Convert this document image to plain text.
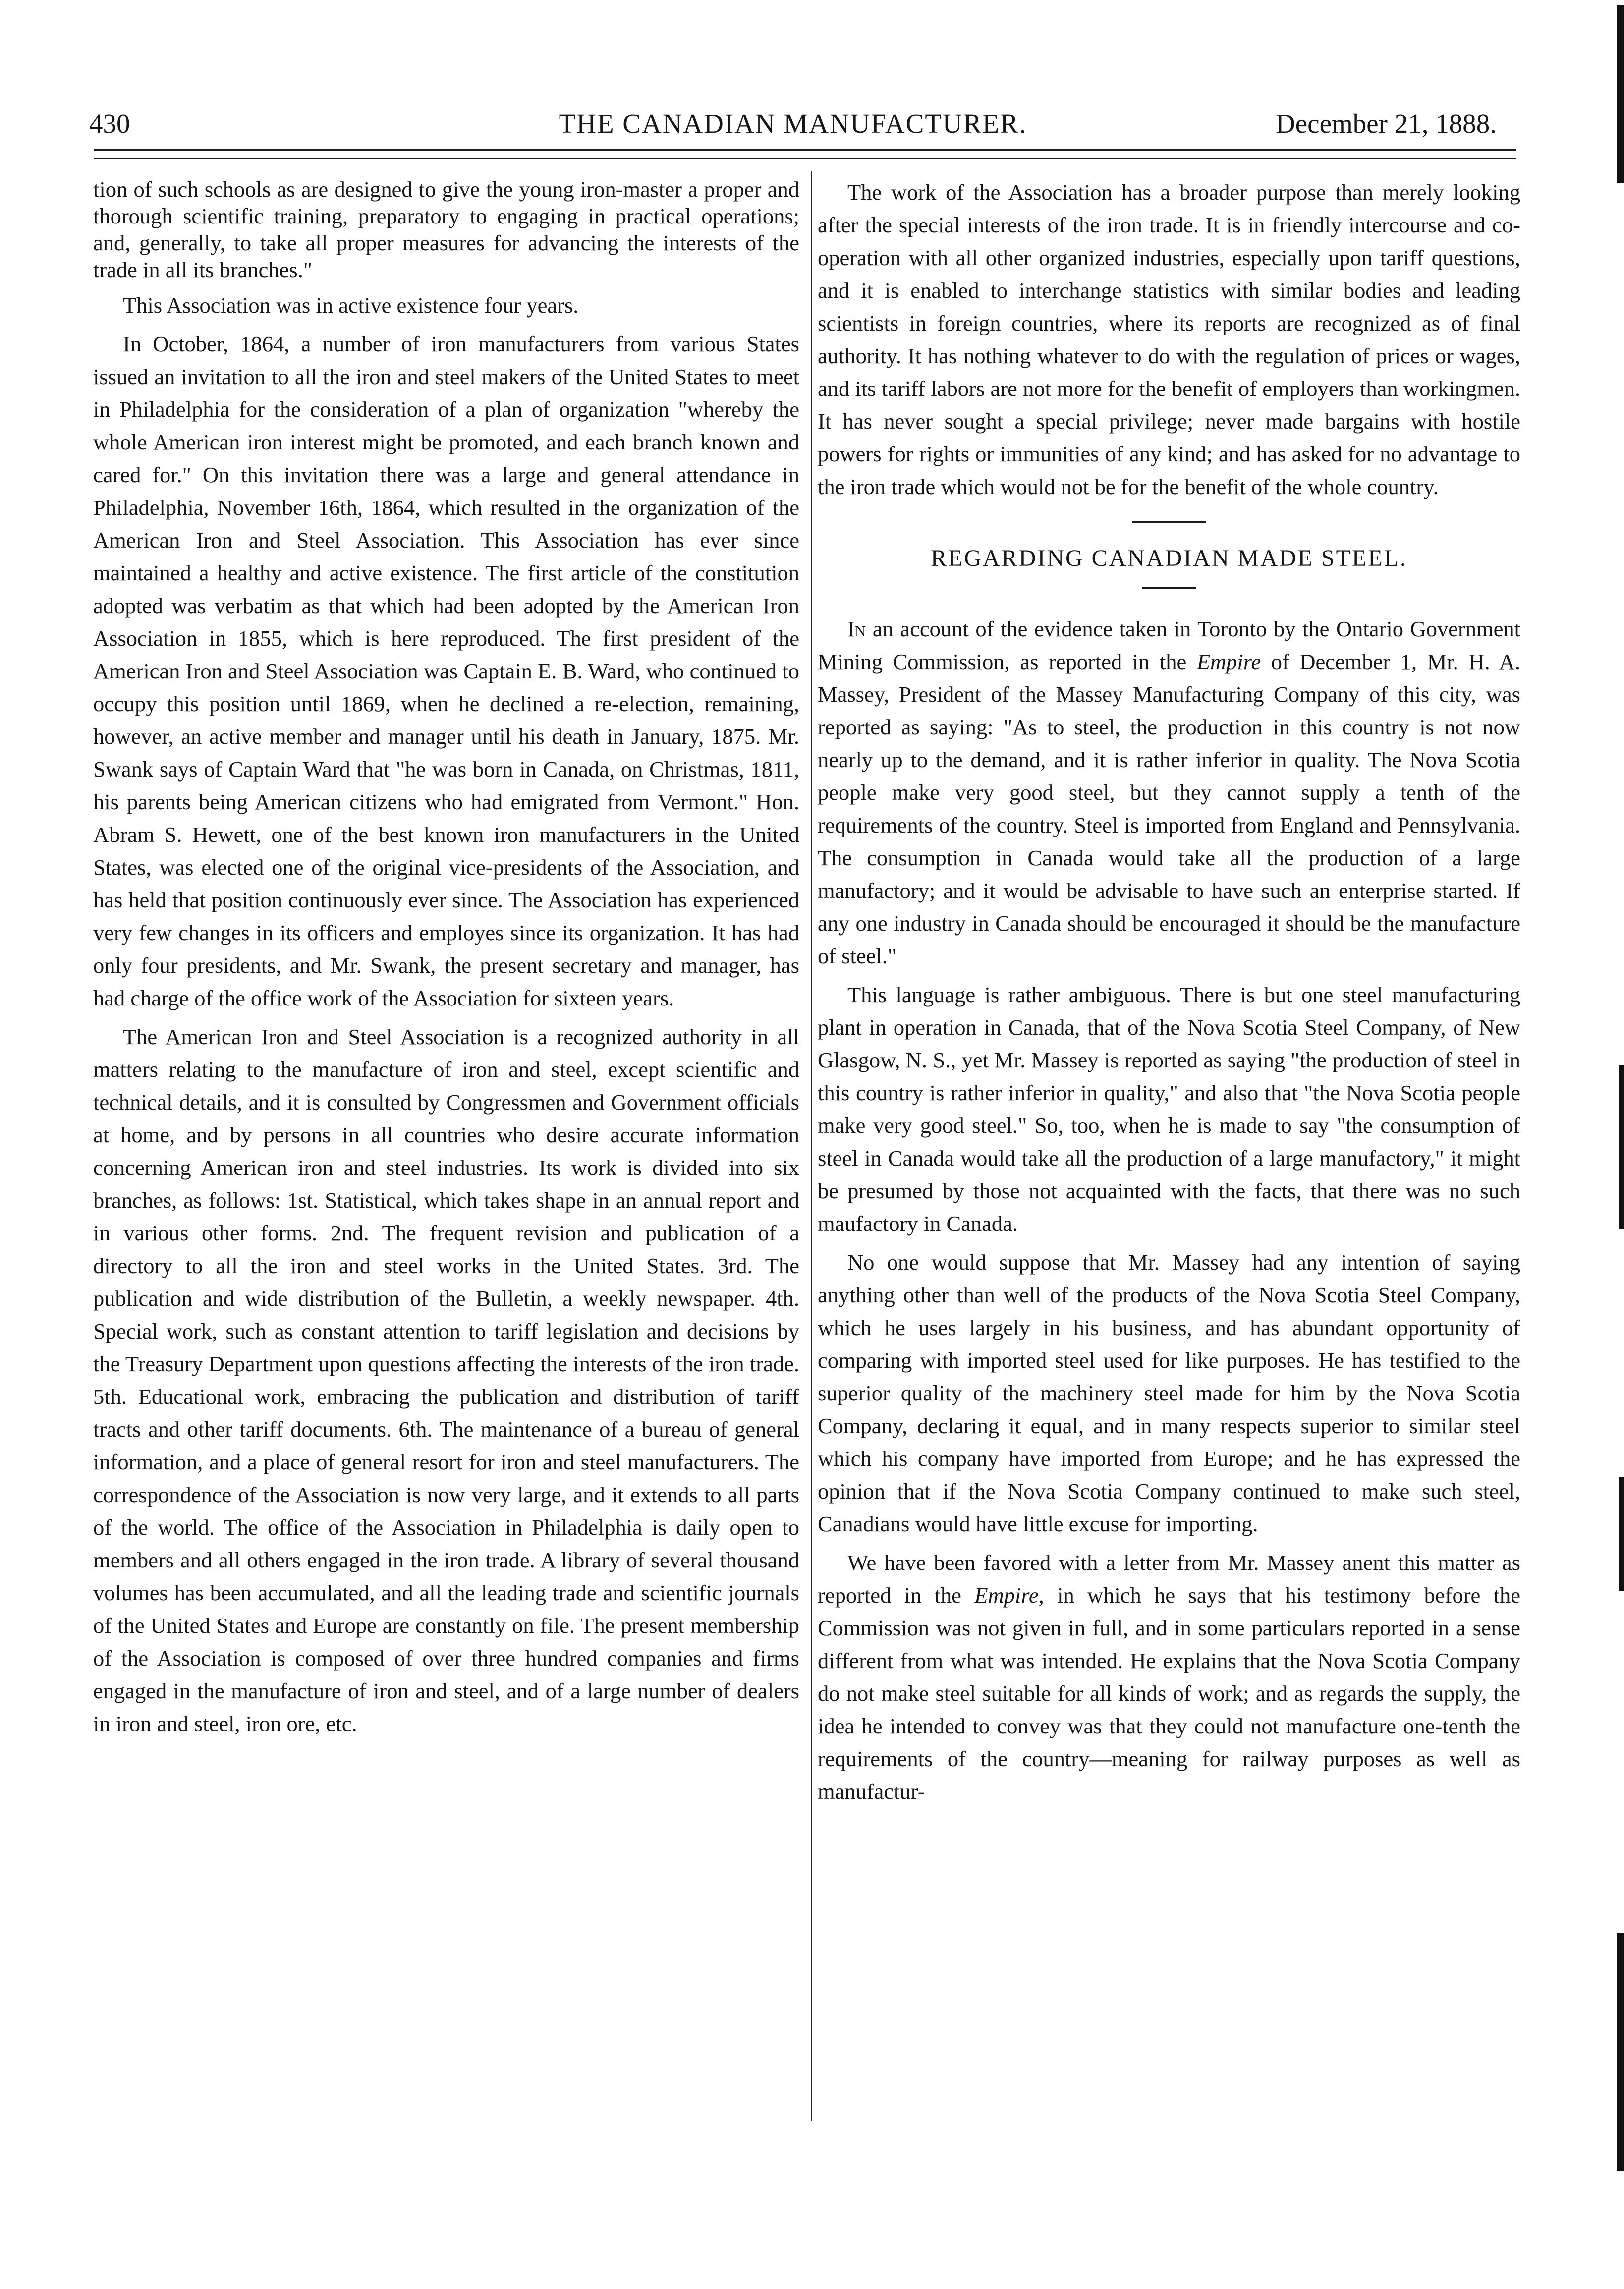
430	THE CANADIAN MANUFACTURER.	December 21, 1888.

tion of such schools as are designed to give the young iron-master a proper and thorough scientific training, preparatory to engaging in practical operations; and, generally, to take all proper measures for advancing the interests of the trade in all its branches."

This Association was in active existence four years.

In October, 1864, a number of iron manufacturers from various States issued an invitation to all the iron and steel makers of the United States to meet in Philadelphia for the consideration of a plan of organization "whereby the whole American iron interest might be promoted, and each branch known and cared for." On this invitation there was a large and general attendance in Philadelphia, November 16th, 1864, which resulted in the organization of the American Iron and Steel Association. This Association has ever since maintained a healthy and active existence. The first article of the constitution adopted was verbatim as that which had been adopted by the American Iron Association in 1855, which is here reproduced. The first president of the American Iron and Steel Association was Captain E. B. Ward, who continued to occupy this position until 1869, when he declined a re-election, remaining, however, an active member and manager until his death in January, 1875. Mr. Swank says of Captain Ward that "he was born in Canada, on Christmas, 1811, his parents being American citizens who had emigrated from Vermont." Hon. Abram S. Hewett, one of the best known iron manufacturers in the United States, was elected one of the original vice-presidents of the Association, and has held that position continuously ever since. The Association has experienced very few changes in its officers and employes since its organization. It has had only four presidents, and Mr. Swank, the present secretary and manager, has had charge of the office work of the Association for sixteen years.

The American Iron and Steel Association is a recognized authority in all matters relating to the manufacture of iron and steel, except scientific and technical details, and it is consulted by Congressmen and Government officials at home, and by persons in all countries who desire accurate information concerning American iron and steel industries. Its work is divided into six branches, as follows: 1st. Statistical, which takes shape in an annual report and in various other forms. 2nd. The frequent revision and publication of a directory to all the iron and steel works in the United States. 3rd. The publication and wide distribution of the Bulletin, a weekly newspaper. 4th. Special work, such as constant attention to tariff legislation and decisions by the Treasury Department upon questions affecting the interests of the iron trade. 5th. Educational work, embracing the publication and distribution of tariff tracts and other tariff documents. 6th. The maintenance of a bureau of general information, and a place of general resort for iron and steel manufacturers. The correspondence of the Association is now very large, and it extends to all parts of the world. The office of the Association in Philadelphia is daily open to members and all others engaged in the iron trade. A library of several thousand volumes has been accumulated, and all the leading trade and scientific journals of the United States and Europe are constantly on file. The present membership of the Association is composed of over three hundred companies and firms engaged in the manufacture of iron and steel, and of a large number of dealers in iron and steel, iron ore, etc.

The work of the Association has a broader purpose than merely looking after the special interests of the iron trade. It is in friendly intercourse and co-operation with all other organized industries, especially upon tariff questions, and it is enabled to interchange statistics with similar bodies and leading scientists in foreign countries, where its reports are recognized as of final authority. It has nothing whatever to do with the regulation of prices or wages, and its tariff labors are not more for the benefit of employers than workingmen. It has never sought a special privilege; never made bargains with hostile powers for rights or immunities of any kind; and has asked for no advantage to the iron trade which would not be for the benefit of the whole country.

REGARDING CANADIAN MADE STEEL.

In an account of the evidence taken in Toronto by the Ontario Government Mining Commission, as reported in the Empire of December 1, Mr. H. A. Massey, President of the Massey Manufacturing Company of this city, was reported as saying: "As to steel, the production in this country is not now nearly up to the demand, and it is rather inferior in quality. The Nova Scotia people make very good steel, but they cannot supply a tenth of the requirements of the country. Steel is imported from England and Pennsylvania. The consumption in Canada would take all the production of a large manufactory; and it would be advisable to have such an enterprise started. If any one industry in Canada should be encouraged it should be the manufacture of steel."

This language is rather ambiguous. There is but one steel manufacturing plant in operation in Canada, that of the Nova Scotia Steel Company, of New Glasgow, N. S., yet Mr. Massey is reported as saying "the production of steel in this country is rather inferior in quality," and also that "the Nova Scotia people make very good steel." So, too, when he is made to say "the consumption of steel in Canada would take all the production of a large manufactory," it might be presumed by those not acquainted with the facts, that there was no such maufactory in Canada.

No one would suppose that Mr. Massey had any intention of saying anything other than well of the products of the Nova Scotia Steel Company, which he uses largely in his business, and has abundant opportunity of comparing with imported steel used for like purposes. He has testified to the superior quality of the machinery steel made for him by the Nova Scotia Company, declaring it equal, and in many respects superior to similar steel which his company have imported from Europe; and he has expressed the opinion that if the Nova Scotia Company continued to make such steel, Canadians would have little excuse for importing.

We have been favored with a letter from Mr. Massey anent this matter as reported in the Empire, in which he says that his testimony before the Commission was not given in full, and in some particulars reported in a sense different from what was intended. He explains that the Nova Scotia Company do not make steel suitable for all kinds of work; and as regards the supply, the idea he intended to convey was that they could not manufacture one-tenth the requirements of the country—meaning for railway purposes as well as manufactur-
